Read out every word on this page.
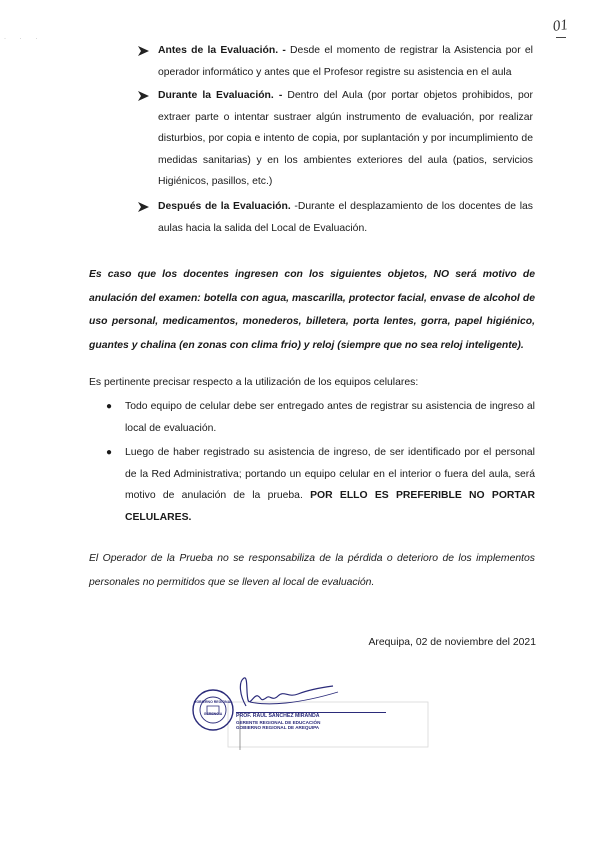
· · ·
01
Antes de la Evaluación. - Desde el momento de registrar la Asistencia por el operador informático y antes que el Profesor registre su asistencia en el aula
Durante la Evaluación. - Dentro del Aula (por portar objetos prohibidos, por extraer parte o intentar sustraer algún instrumento de evaluación, por realizar disturbios, por copia e intento de copia, por suplantación y por incumplimiento de medidas sanitarias) y en los ambientes exteriores del aula (patios, servicios Higiénicos, pasillos, etc.)
Después de la Evaluación. -Durante el desplazamiento de los docentes de las aulas hacia la salida del Local de Evaluación.
Es caso que los docentes ingresen con los siguientes objetos, NO será motivo de anulación del examen: botella con agua, mascarilla, protector facial, envase de alcohol de uso personal, medicamentos, monederos, billetera, porta lentes, gorra, papel higiénico, guantes y chalina (en zonas con clima frio) y reloj (siempre que no sea reloj inteligente).
Es pertinente precisar respecto a la utilización de los equipos celulares:
●	Todo equipo de celular debe ser entregado antes de registrar su asistencia de ingreso al local de evaluación.
●	Luego de haber registrado su asistencia de ingreso, de ser identificado por el personal de la Red Administrativa; portando un equipo celular en el interior o fuera del aula, será motivo de anulación de la prueba. POR ELLO ES PREFERIBLE NO PORTAR CELULARES.
El Operador de la Prueba no se responsabiliza de la pérdida o deterioro de los implementos personales no permitidos que se lleven al local de evaluación.
Arequipa, 02 de noviembre del 2021
GOBIERNO REGIONAL
GERENCIA	PROF. RAUL SANCHEZ MIRANDA
GERENTE REGIONAL DE EDUCACIÓN
GOBIERNO REGIONAL DE AREQUIPA
